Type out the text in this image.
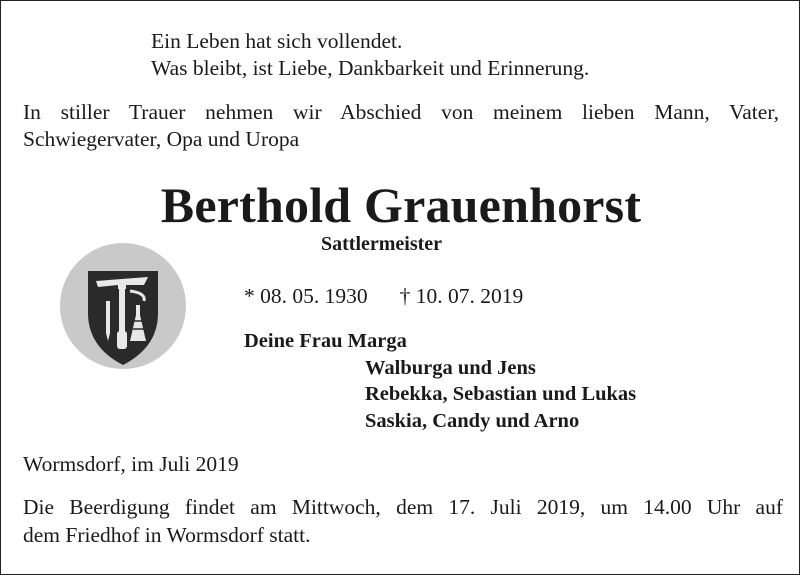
Ein Leben hat sich vollendet.
Was bleibt, ist Liebe, Dankbarkeit und Erinnerung.
In stiller Trauer nehmen wir Abschied von meinem lieben Mann, Vater,
Schwiegervater, Opa und Uropa
Berthold Grauenhorst
Sattlermeister
* 08. 05. 1930 † 10. 07. 2019
Deine Frau Marga
Walburga und Jens
Rebekka, Sebastian und Lukas
Saskia, Candy und Arno
Wormsdorf, im Juli 2019
Die Beerdigung findet am Mittwoch, dem 17. Juli 2019, um 14.00 Uhr auf
dem Friedhof in Wormsdorf statt.
